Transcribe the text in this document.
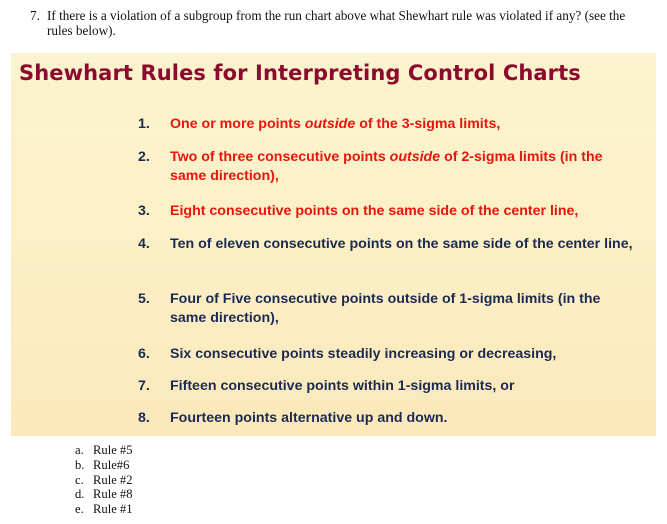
7. If there is a violation of a subgroup from the run chart above what Shewhart rule was violated if any? (see the rules below).
Shewhart Rules for Interpreting Control Charts
1. One or more points outside of the 3-sigma limits,
2. Two of three consecutive points outside of 2-sigma limits (in the same direction),
3. Eight consecutive points on the same side of the center line,
4. Ten of eleven consecutive points on the same side of the center line,
5. Four of Five consecutive points outside of 1-sigma limits (in the same direction),
6. Six consecutive points steadily increasing or decreasing,
7. Fifteen consecutive points within 1-sigma limits, or
8. Fourteen points alternative up and down.
a. Rule #5
b. Rule#6
c. Rule #2
d. Rule #8
e. Rule #1
